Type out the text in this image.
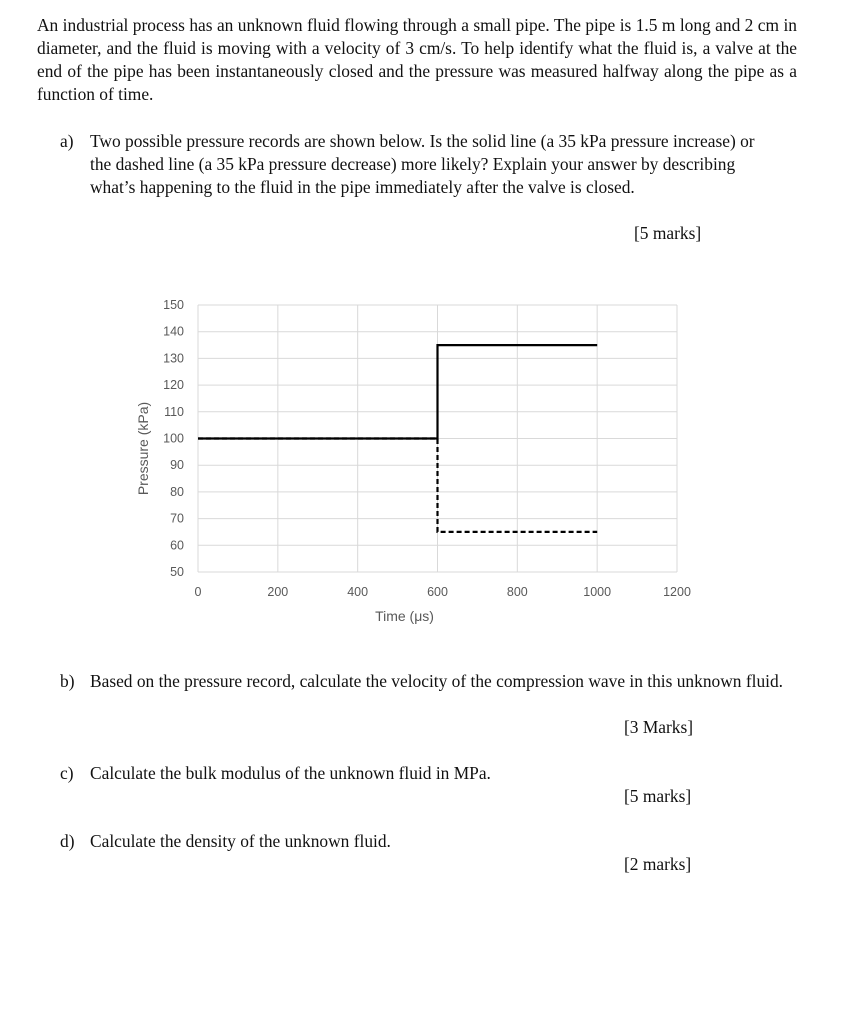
An industrial process has an unknown fluid flowing through a small pipe. The pipe is 1.5 m long and 2 cm in diameter, and the fluid is moving with a velocity of 3 cm/s. To help identify what the fluid is, a valve at the end of the pipe has been instantaneously closed and the pressure was measured halfway along the pipe as a function of time.

a) Two possible pressure records are shown below. Is the solid line (a 35 kPa pressure increase) or the dashed line (a 35 kPa pressure decrease) more likely? Explain your answer by describing what’s happening to the fluid in the pipe immediately after the valve is closed.

[5 marks]
50
60
70
80
90
100
110
120
130
140
150
0	200	400	600	800	1000	1200
Time (μs)
Pressure (kPa)
b) Based on the pressure record, calculate the velocity of the compression wave in this unknown fluid.

[3 Marks]
c) Calculate the bulk modulus of the unknown fluid in MPa.

[5 marks]
d) Calculate the density of the unknown fluid.

[2 marks]
